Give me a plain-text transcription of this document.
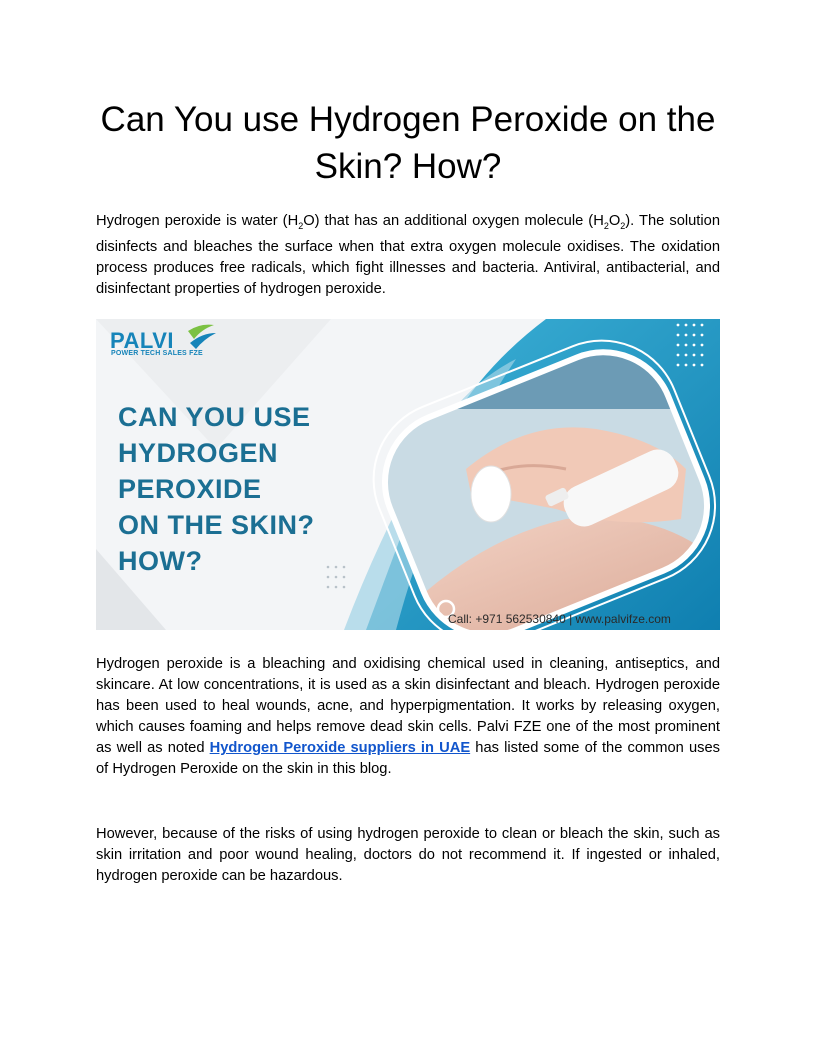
Can You use Hydrogen Peroxide on the Skin? How?

Hydrogen peroxide is water $(H_2O)$ that has an additional oxygen molecule $(H_2O_2)$. The solution disinfects and bleaches the surface when that extra oxygen molecule oxidises. The oxidation process produces free radicals, which fight illnesses and bacteria. Antiviral, antibacterial, and disinfectant properties of hydrogen peroxide.

PALVI
POWER TECH SALES FZE
CAN YOU USE
HYDROGEN
PEROXIDE
ON THE SKIN?
HOW?
Call: +971 562530840 | www.palvifze.com

Hydrogen peroxide is a bleaching and oxidising chemical used in cleaning, antiseptics, and skincare. At low concentrations, it is used as a skin disinfectant and bleach. Hydrogen peroxide has been used to heal wounds, acne, and hyperpigmentation. It works by releasing oxygen, which causes foaming and helps remove dead skin cells. Palvi FZE one of the most prominent as well as noted Hydrogen Peroxide suppliers in UAE has listed some of the common uses of Hydrogen Peroxide on the skin in this blog.

However, because of the risks of using hydrogen peroxide to clean or bleach the skin, such as skin irritation and poor wound healing, doctors do not recommend it. If ingested or inhaled, hydrogen peroxide can be hazardous.
